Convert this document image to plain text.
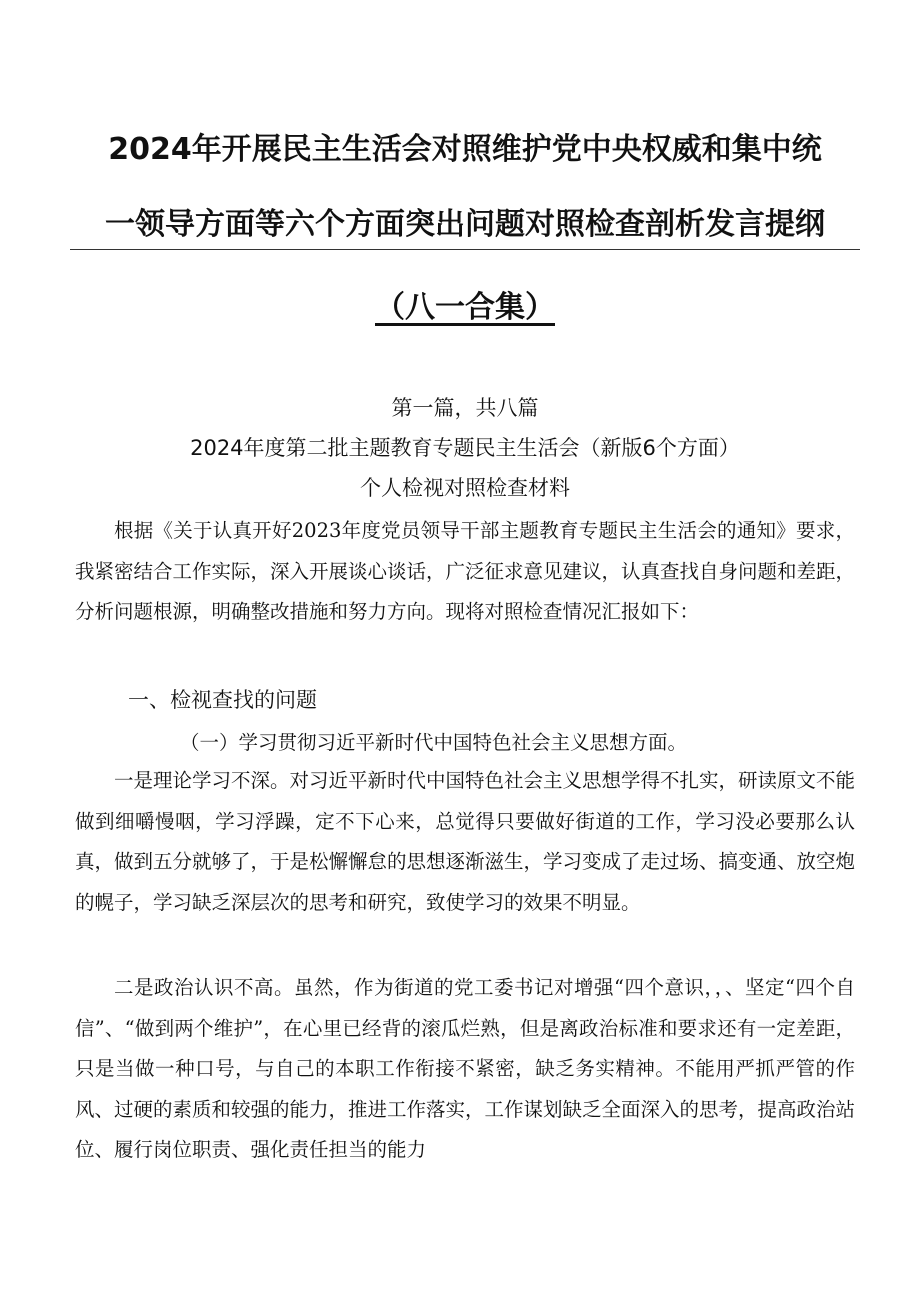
2024年开展民主生活会对照维护党中央权威和集中统
一领导方面等六个方面突出问题对照检查剖析发言提纲
（八一合集）
第一篇，共八篇
2024年度第二批主题教育专题民主生活会（新版6个方面）
个人检视对照检查材料

根据《关于认真开好2023年度党员领导干部主题教育专题民主生活会的通知》要求，我紧密结合工作实际，深入开展谈心谈话，广泛征求意见建议，认真查找自身问题和差距，分析问题根源，明确整改措施和努力方向。现将对照检查情况汇报如下：

一、检视查找的问题
（一）学习贯彻习近平新时代中国特色社会主义思想方面。

一是理论学习不深。对习近平新时代中国特色社会主义思想学得不扎实，研读原文不能做到细嚼慢咽，学习浮躁，定不下心来，总觉得只要做好街道的工作，学习没必要那么认真，做到五分就够了，于是松懈懈怠的思想逐渐滋生，学习变成了走过场、搞变通、放空炮的幌子，学习缺乏深层次的思考和研究，致使学习的效果不明显。

二是政治认识不高。虽然，作为街道的党工委书记对增强“四个意识，，、坚定“四个自信”、“做到两个维护”，在心里已经背的滚瓜烂熟，但是离政治标准和要求还有一定差距，只是当做一种口号，与自己的本职工作衔接不紧密，缺乏务实精神。不能用严抓严管的作风、过硬的素质和较强的能力，推进工作落实，工作谋划缺乏全面深入的思考，提高政治站位、履行岗位职责、强化责任担当的能力
